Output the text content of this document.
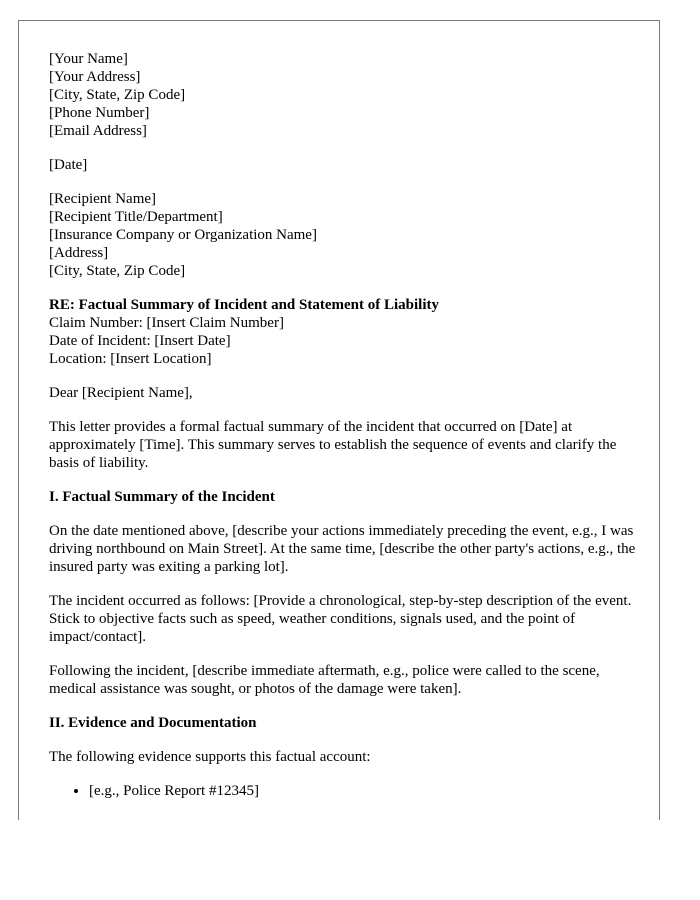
[Your Name]
[Your Address]
[City, State, Zip Code]
[Phone Number]
[Email Address]
[Date]
[Recipient Name]
[Recipient Title/Department]
[Insurance Company or Organization Name]
[Address]
[City, State, Zip Code]
RE: Factual Summary of Incident and Statement of Liability
Claim Number: [Insert Claim Number]
Date of Incident: [Insert Date]
Location: [Insert Location]

Dear [Recipient Name],

This letter provides a formal factual summary of the incident that occurred on [Date] at approximately [Time]. This summary serves to establish the sequence of events and clarify the basis of liability.

I. Factual Summary of the Incident

On the date mentioned above, [describe your actions immediately preceding the event, e.g., I was driving northbound on Main Street]. At the same time, [describe the other party's actions, e.g., the insured party was exiting a parking lot].

The incident occurred as follows: [Provide a chronological, step-by-step description of the event. Stick to objective facts such as speed, weather conditions, signals used, and the point of impact/contact].

Following the incident, [describe immediate aftermath, e.g., police were called to the scene, medical assistance was sought, or photos of the damage were taken].

II. Evidence and Documentation

The following evidence supports this factual account:

• [e.g., Police Report #12345]
